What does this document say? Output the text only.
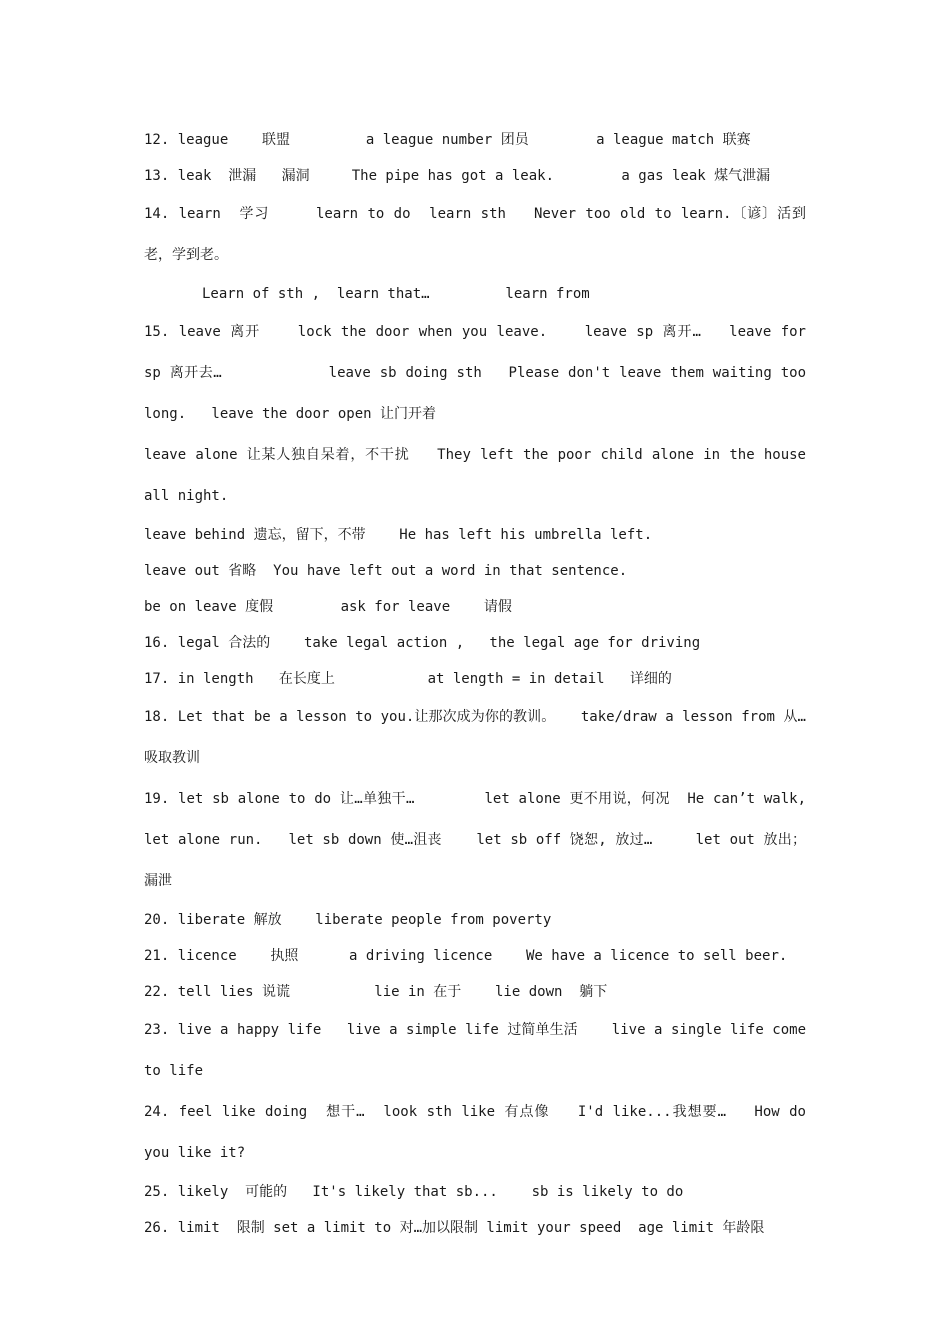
12. league    联盟         a league number 团员        a league match 联赛

13. leak  泄漏   漏洞     The pipe has got a leak.        a gas leak 煤气泄漏

14. learn  学习     learn to do  learn sth   Never too old to learn.〔谚〕活到老，学到老。

Learn of sth ,  learn that…         learn from

15. leave 离开    lock the door when you leave.    leave sp 离开…   leave for sp 离开去…            leave sb doing sth   Please don't leave them waiting too long.   leave the door open 让门开着

leave alone 让某人独自呆着，不干扰   They left the poor child alone in the house all night.

leave behind 遗忘，留下，不带    He has left his umbrella left.

leave out 省略  You have left out a word in that sentence.

be on leave 度假        ask for leave    请假

16. legal 合法的    take legal action ,   the legal age for driving

17. in length   在长度上           at length = in detail   详细的

18. Let that be a lesson to you.让那次成为你的教训。   take/draw a lesson from 从…吸取教训

19. let sb alone to do 让…单独干…        let alone 更不用说，何况  He can’t walk, let alone run.   let sb down 使…沮丧    let sb off 饶恕, 放过…     let out 放出；漏泄

20. liberate 解放    liberate people from poverty

21. licence    执照      a driving licence    We have a licence to sell beer.

22. tell lies 说谎          lie in 在于    lie down  躺下

23. live a happy life   live a simple life 过简单生活    live a single life come to life

24. feel like doing  想干…  look sth like 有点像   I'd like...我想要…   How do you like it?

25. likely  可能的   It's likely that sb...    sb is likely to do

26. limit  限制 set a limit to 对…加以限制 limit your speed  age limit 年龄限
